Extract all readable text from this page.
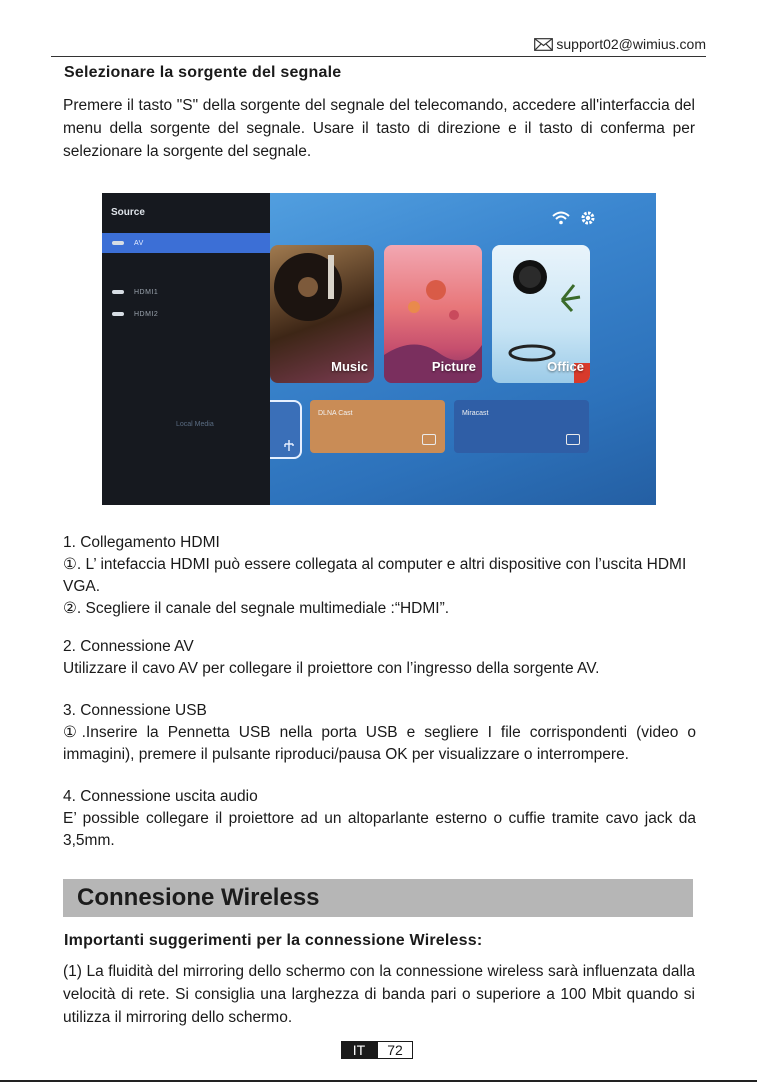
support02@wimius.com
Selezionare la sorgente del segnale
Premere il tasto "S" della sorgente del segnale del telecomando, accedere all'interfaccia del menu della sorgente del segnale. Usare il tasto di direzione e il tasto di conferma per selezionare la sorgente del segnale.
Source
AV
HDMI1
HDMI2
Music	Picture	Office
Local Media
DLNA Cast	Miracast

1. Collegamento HDMI

①. L’ intefaccia HDMI può essere collegata al computer e altri dispositive con l’uscita HDMI VGA.

②. Scegliere il canale del segnale multimediale :“HDMI”.

2. Connessione AV

Utilizzare il cavo AV per collegare il proiettore con l’ingresso della sorgente AV.

3. Connessione USB

①.Inserire la Pennetta USB nella porta USB e segliere I file corrispondenti (video o immagini), premere il pulsante riproduci/pausa OK per visualizzare o interrompere.

4. Connessione uscita audio

E’ possible collegare il proiettore ad un altoparlante esterno o cuffie tramite cavo jack da 3,5mm.

Connesione Wireless
Importanti suggerimenti per la connessione Wireless:
(1) La fluidità del mirroring dello schermo con la connessione wireless sarà influenzata dalla velocità di rete. Si consiglia una larghezza di banda pari o superiore a 100 Mbit quando si utilizza il mirroring dello schermo.
IT	72
